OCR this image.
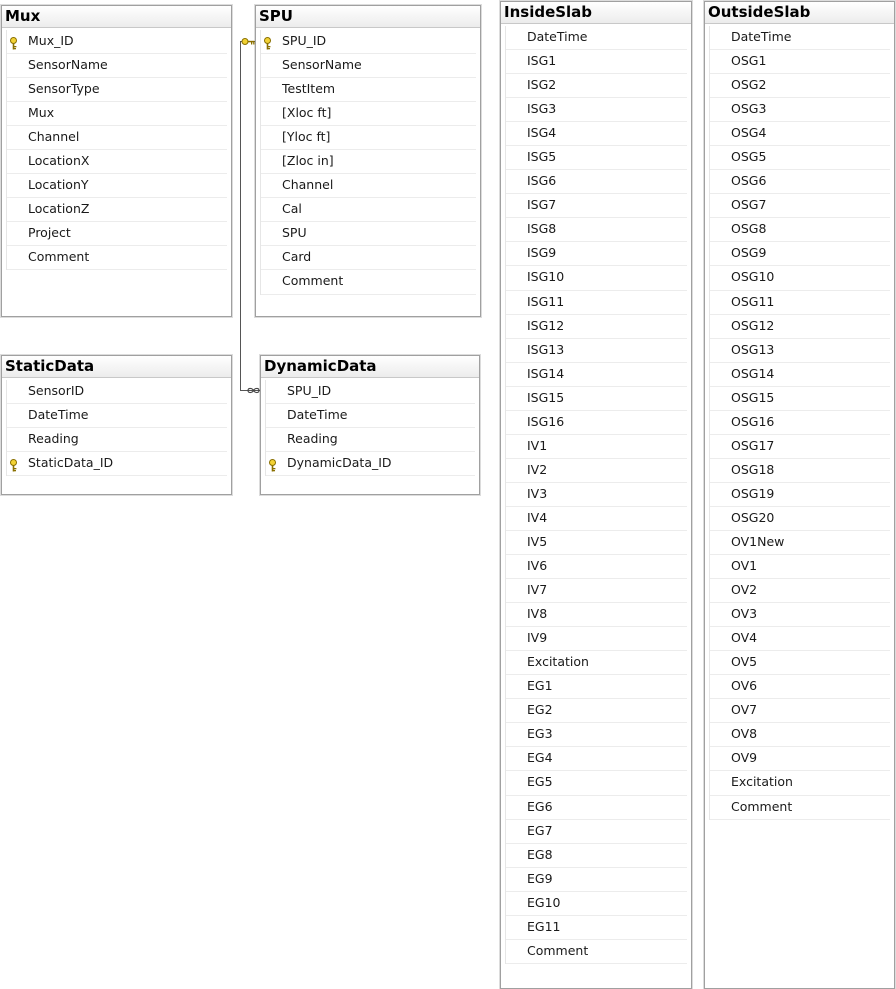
Mux
Mux_ID
SensorName
SensorType
Mux
Channel
LocationX
LocationY
LocationZ
Project
Comment
SPU
SPU_ID
SensorName
TestItem
[Xloc ft]
[Yloc ft]
[Zloc in]
Channel
Cal
SPU
Card
Comment
StaticData
SensorID
DateTime
Reading
StaticData_ID
DynamicData
SPU_ID
DateTime
Reading
DynamicData_ID
InsideSlab
DateTime
ISG1
ISG2
ISG3
ISG4
ISG5
ISG6
ISG7
ISG8
ISG9
ISG10
ISG11
ISG12
ISG13
ISG14
ISG15
ISG16
IV1
IV2
IV3
IV4
IV5
IV6
IV7
IV8
IV9
Excitation
EG1
EG2
EG3
EG4
EG5
EG6
EG7
EG8
EG9
EG10
EG11
Comment
OutsideSlab
DateTime
OSG1
OSG2
OSG3
OSG4
OSG5
OSG6
OSG7
OSG8
OSG9
OSG10
OSG11
OSG12
OSG13
OSG14
OSG15
OSG16
OSG17
OSG18
OSG19
OSG20
OV1New
OV1
OV2
OV3
OV4
OV5
OV6
OV7
OV8
OV9
Excitation
Comment
